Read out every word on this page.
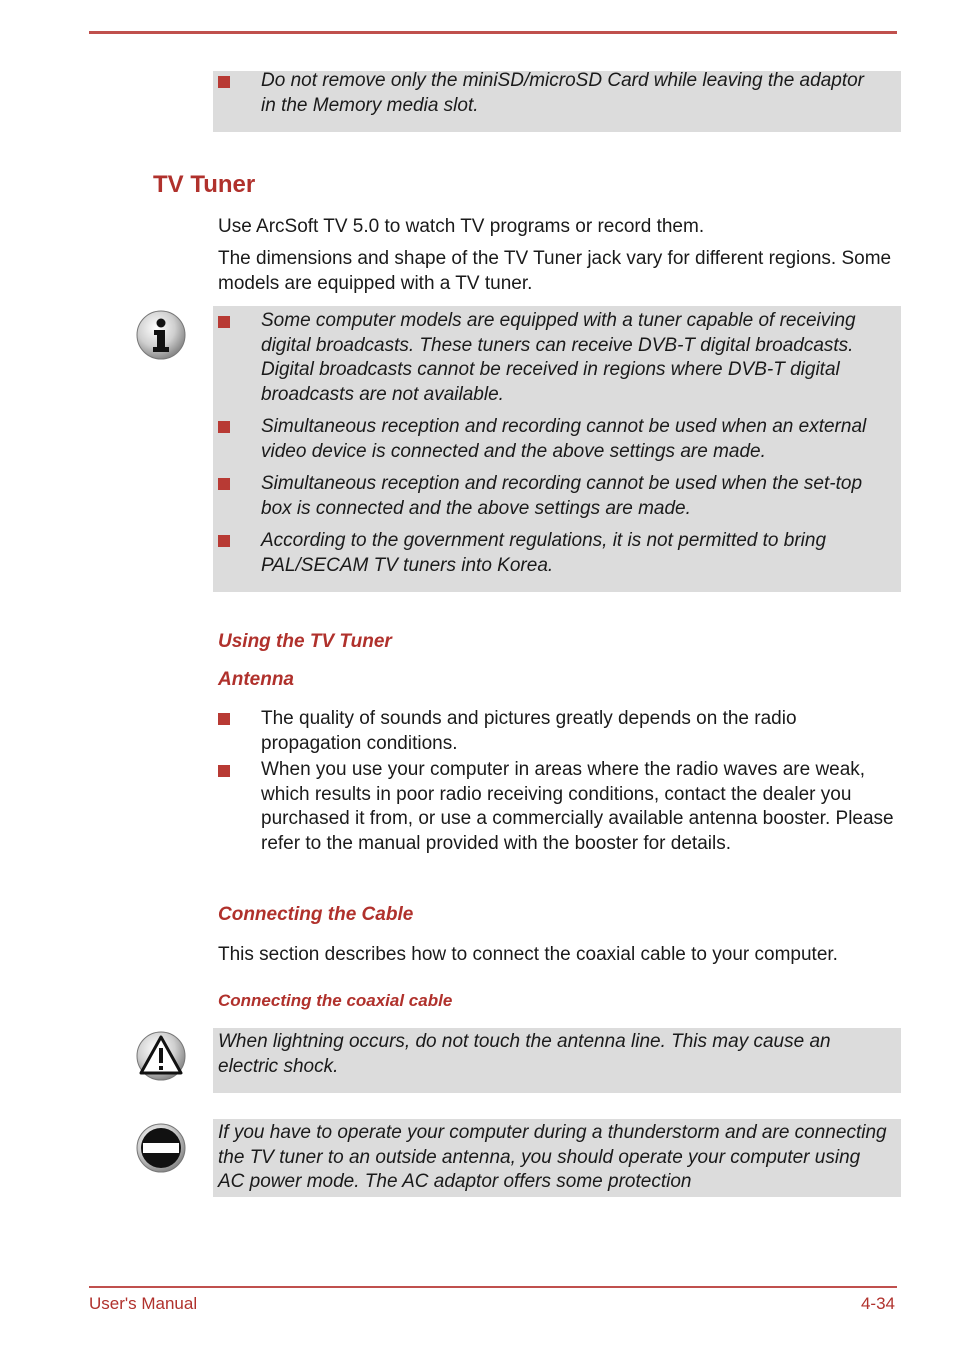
Do not remove only the miniSD/microSD Card while leaving the adaptor in the Memory media slot.
TV Tuner
Use ArcSoft TV 5.0 to watch TV programs or record them.
The dimensions and shape of the TV Tuner jack vary for different regions. Some models are equipped with a TV tuner.
Some computer models are equipped with a tuner capable of receiving digital broadcasts. These tuners can receive DVB-T digital broadcasts. Digital broadcasts cannot be received in regions where DVB-T digital broadcasts are not available.
Simultaneous reception and recording cannot be used when an external video device is connected and the above settings are made.
Simultaneous reception and recording cannot be used when the set-top box is connected and the above settings are made.
According to the government regulations, it is not permitted to bring PAL/SECAM TV tuners into Korea.
Using the TV Tuner
Antenna
The quality of sounds and pictures greatly depends on the radio propagation conditions.
When you use your computer in areas where the radio waves are weak, which results in poor radio receiving conditions, contact the dealer you purchased it from, or use a commercially available antenna booster. Please refer to the manual provided with the booster for details.
Connecting the Cable
This section describes how to connect the coaxial cable to your computer.
Connecting the coaxial cable
When lightning occurs, do not touch the antenna line. This may cause an electric shock.
If you have to operate your computer during a thunderstorm and are connecting the TV tuner to an outside antenna, you should operate your computer using AC power mode. The AC adaptor offers some protection
User's Manual	4-34
